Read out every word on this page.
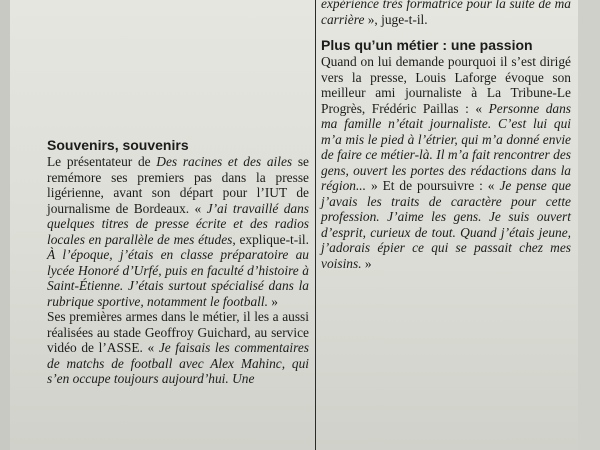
expérience très formatrice pour la suite de ma carrière », juge-t-il.

Plus qu’un métier : une passion

Quand on lui demande pourquoi il s’est dirigé vers la presse, Louis Laforge évoque son meilleur ami journaliste à La Tribune-Le Progrès, Frédéric Paillas : « Personne dans ma famille n’était journaliste. C’est lui qui m’a mis le pied à l’étrier, qui m’a donné envie de faire ce métier-là. Il m’a fait rencontrer des gens, ouvert les portes des rédactions dans la région... » Et de poursuivre : « Je pense que j’avais les traits de caractère pour cette profession. J’aime les gens. Je suis ouvert d’esprit, curieux de tout. Quand j’étais jeune, j’adorais épier ce qui se passait chez mes voisins. »

Souvenirs, souvenirs

Le présentateur de Des racines et des ailes se remémore ses premiers pas dans la presse ligérienne, avant son départ pour l’IUT de journalisme de Bordeaux. « J’ai travaillé dans quelques titres de presse écrite et des radios locales en parallèle de mes études, explique-t-il. À l’époque, j’étais en classe préparatoire au lycée Honoré d’Urfé, puis en faculté d’histoire à Saint-Étienne. J’étais surtout spécialisé dans la rubrique sportive, notamment le football. »

Ses premières armes dans le métier, il les a aussi réalisées au stade Geoffroy Guichard, au service vidéo de l’ASSE. « Je faisais les commentaires de matchs de football avec Alex Mahinc, qui s’en occupe toujours aujourd’hui. Une
